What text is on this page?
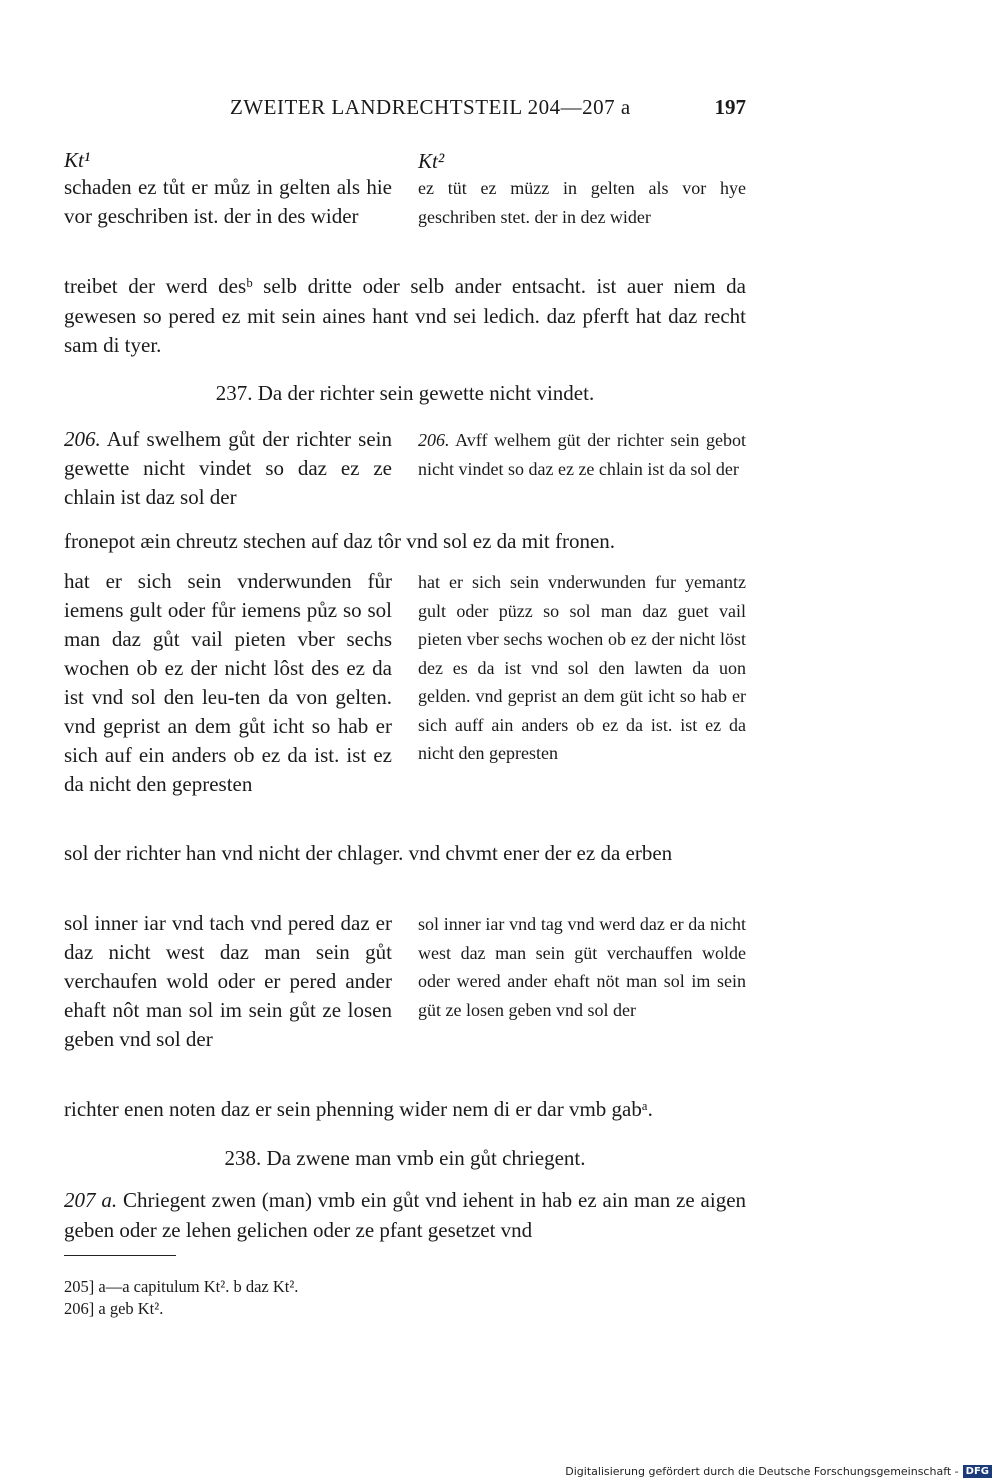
ZWEITER LANDRECHTSTEIL 204—207 a	197
Kt¹	Kt²
schaden ez tůt er můz in gelten als hie vor geschriben ist. der in des wider
ez tüt ez müzz in gelten als vor hye geschriben stet. der in dez wider
treibet der werd desᵇ selb dritte oder selb ander entsacht. ist auer niem da gewesen so pered ez mit sein aines hant vnd sei ledich. daz pferft hat daz recht sam di tyer.
237. Da der richter sein gewette nicht vindet.
206. Auf swelhem gůt der richter sein gewette nicht vindet so daz ez ze chlain ist daz sol der
206. Avff welhem güt der richter sein gebot nicht vindet so daz ez ze chlain ist da sol der
fronepot æin chreutz stechen auf daz tôr vnd sol ez da mit fronen.
hat er sich sein vnderwunden fůr iemens gult oder fůr iemens půz so sol man daz gůt vail pieten vber sechs wochen ob ez der nicht lôst des ez da ist vnd sol den leu-ten da von gelten. vnd geprist an dem gůt icht so hab er sich auf ein anders ob ez da ist. ist ez da nicht den gepresten
hat er sich sein vnderwunden fur yemantz gult oder püzz so sol man daz guet vail pieten vber sechs wochen ob ez der nicht löst dez es da ist vnd sol den lawten da uon gelden. vnd geprist an dem güt icht so hab er sich auff ain anders ob ez da ist. ist ez da nicht den gepresten
sol der richter han vnd nicht der chlager. vnd chvmt ener der ez da erben
sol inner iar vnd tach vnd pered daz er daz nicht west daz man sein gůt verchaufen wold oder er pered ander ehaft nôt man sol im sein gůt ze losen geben vnd sol der
sol inner iar vnd tag vnd werd daz er da nicht west daz man sein güt verchauffen wolde oder wered ander ehaft nöt man sol im sein güt ze losen geben vnd sol der
richter enen noten daz er sein phenning wider nem di er dar vmb gabᵃ.
238. Da zwene man vmb ein gůt chriegent.
207 a. Chriegent zwen (man) vmb ein gůt vnd iehent in hab ez ain man ze aigen geben oder ze lehen gelichen oder ze pfant gesetzet vnd
205] a—a capitulum Kt². b daz Kt².
206] a geb Kt².
Digitalisierung gefördert durch die Deutsche Forschungsgemeinschaft - DFG
